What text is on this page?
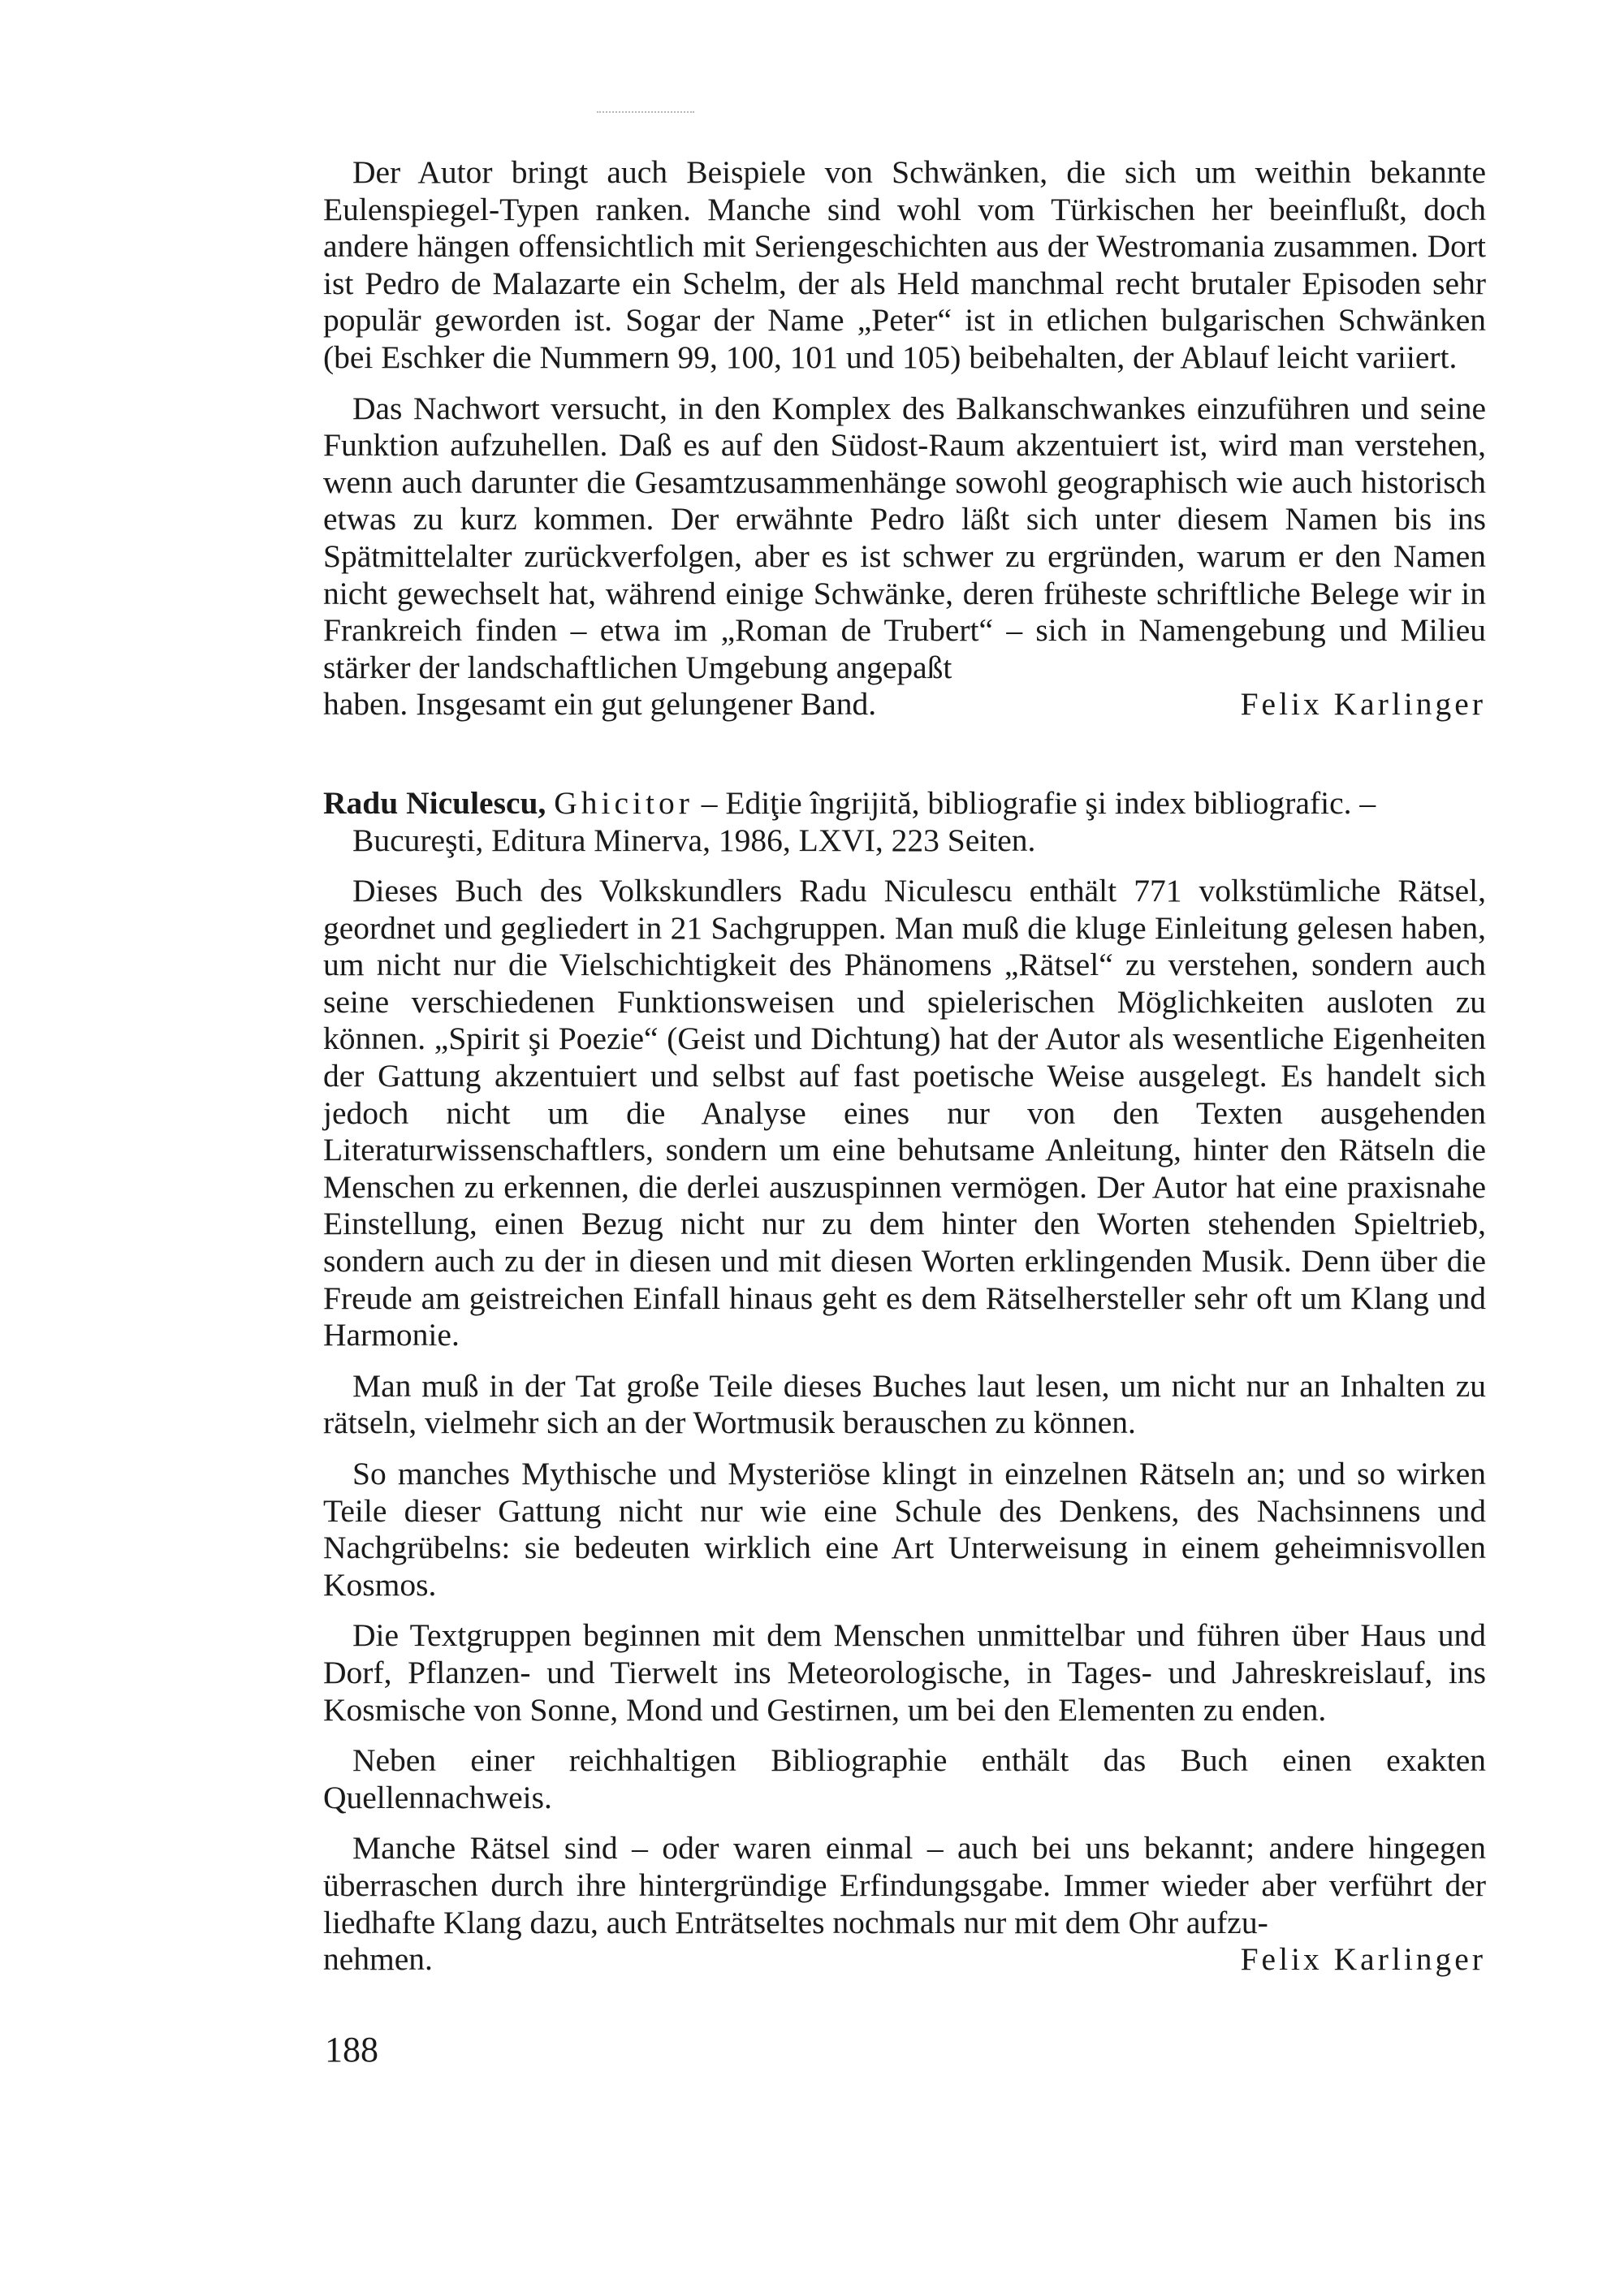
Der Autor bringt auch Beispiele von Schwänken, die sich um weithin bekannte Eulenspiegel-Typen ranken. Manche sind wohl vom Türkischen her beeinflußt, doch andere hängen offensichtlich mit Seriengeschichten aus der Westromania zusammen. Dort ist Pedro de Malazarte ein Schelm, der als Held manchmal recht brutaler Episoden sehr populär geworden ist. Sogar der Name „Peter“ ist in etlichen bulgarischen Schwänken (bei Eschker die Nummern 99, 100, 101 und 105) beibehalten, der Ablauf leicht variiert.

Das Nachwort versucht, in den Komplex des Balkanschwankes einzuführen und seine Funktion aufzuhellen. Daß es auf den Südost-Raum akzentuiert ist, wird man verstehen, wenn auch darunter die Gesamtzusammenhänge sowohl geographisch wie auch historisch etwas zu kurz kommen. Der erwähnte Pedro läßt sich unter diesem Namen bis ins Spätmittelalter zurückverfolgen, aber es ist schwer zu ergründen, warum er den Namen nicht gewechselt hat, während einige Schwänke, deren früheste schriftliche Belege wir in Frankreich finden – etwa im „Roman de Trubert“ – sich in Namengebung und Milieu stärker der landschaftlichen Umgebung angepaßt

haben. Insgesamt ein gut gelungener Band.	Felix Karlinger

Radu Niculescu, Ghicitor – Ediţie îngrijită, bibliografie şi index bibliografic. – Bucureşti, Editura Minerva, 1986, LXVI, 223 Seiten.

Dieses Buch des Volkskundlers Radu Niculescu enthält 771 volkstümliche Rätsel, geordnet und gegliedert in 21 Sachgruppen. Man muß die kluge Einleitung gelesen haben, um nicht nur die Vielschichtigkeit des Phänomens „Rätsel“ zu verstehen, sondern auch seine verschiedenen Funktionsweisen und spielerischen Möglichkeiten ausloten zu können. „Spirit şi Poezie“ (Geist und Dichtung) hat der Autor als wesentliche Eigenheiten der Gattung akzentuiert und selbst auf fast poetische Weise ausgelegt. Es handelt sich jedoch nicht um die Analyse eines nur von den Texten ausgehenden Literaturwissenschaftlers, sondern um eine behutsame Anleitung, hinter den Rätseln die Menschen zu erkennen, die derlei auszuspinnen vermögen. Der Autor hat eine praxisnahe Einstellung, einen Bezug nicht nur zu dem hinter den Worten stehenden Spieltrieb, sondern auch zu der in diesen und mit diesen Worten erklingenden Musik. Denn über die Freude am geistreichen Einfall hinaus geht es dem Rätselhersteller sehr oft um Klang und Harmonie.

Man muß in der Tat große Teile dieses Buches laut lesen, um nicht nur an Inhalten zu rätseln, vielmehr sich an der Wortmusik berauschen zu können.

So manches Mythische und Mysteriöse klingt in einzelnen Rätseln an; und so wirken Teile dieser Gattung nicht nur wie eine Schule des Denkens, des Nachsinnens und Nachgrübelns: sie bedeuten wirklich eine Art Unterweisung in einem geheimnisvollen Kosmos.

Die Textgruppen beginnen mit dem Menschen unmittelbar und führen über Haus und Dorf, Pflanzen- und Tierwelt ins Meteorologische, in Tages- und Jahreskreislauf, ins Kosmische von Sonne, Mond und Gestirnen, um bei den Elementen zu enden.

Neben einer reichhaltigen Bibliographie enthält das Buch einen exakten Quellennachweis.

Manche Rätsel sind – oder waren einmal – auch bei uns bekannt; andere hingegen überraschen durch ihre hintergründige Erfindungsgabe. Immer wieder aber verführt der liedhafte Klang dazu, auch Enträtseltes nochmals nur mit dem Ohr aufzu-

nehmen.	Felix Karlinger

188
